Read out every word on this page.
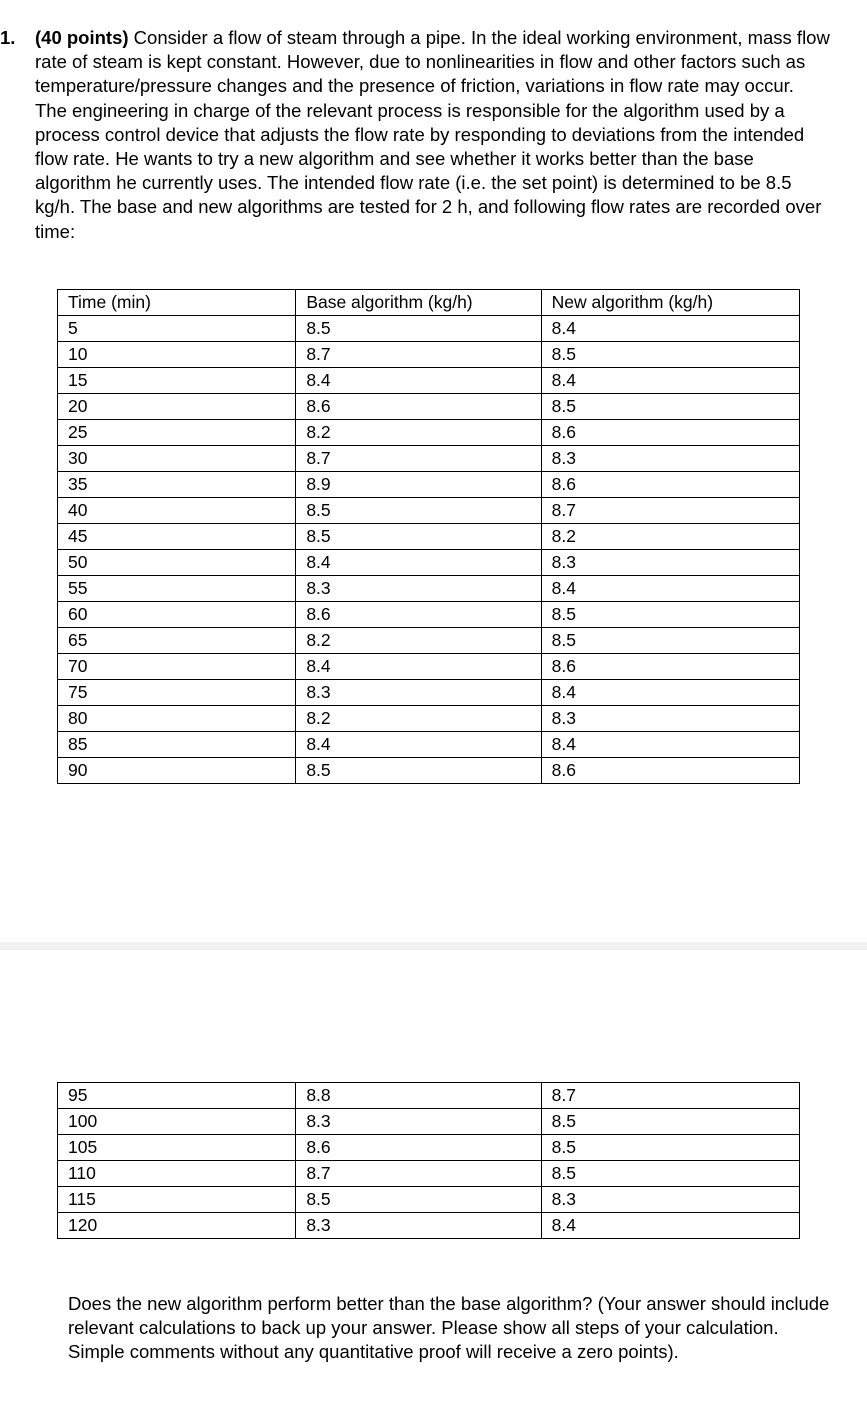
1. (40 points) Consider a flow of steam through a pipe. In the ideal working environment, mass flow rate of steam is kept constant. However, due to nonlinearities in flow and other factors such as temperature/pressure changes and the presence of friction, variations in flow rate may occur. The engineering in charge of the relevant process is responsible for the algorithm used by a process control device that adjusts the flow rate by responding to deviations from the intended flow rate. He wants to try a new algorithm and see whether it works better than the base algorithm he currently uses. The intended flow rate (i.e. the set point) is determined to be 8.5 kg/h. The base and new algorithms are tested for 2 h, and following flow rates are recorded over time:
Time (min)	Base algorithm (kg/h)	New algorithm (kg/h)
5	8.5	8.4
10	8.7	8.5
15	8.4	8.4
20	8.6	8.5
25	8.2	8.6
30	8.7	8.3
35	8.9	8.6
40	8.5	8.7
45	8.5	8.2
50	8.4	8.3
55	8.3	8.4
60	8.6	8.5
65	8.2	8.5
70	8.4	8.6
75	8.3	8.4
80	8.2	8.3
85	8.4	8.4
90	8.5	8.6
95	8.8	8.7
100	8.3	8.5
105	8.6	8.5
110	8.7	8.5
115	8.5	8.3
120	8.3	8.4
Does the new algorithm perform better than the base algorithm? (Your answer should include relevant calculations to back up your answer. Please show all steps of your calculation. Simple comments without any quantitative proof will receive a zero points).
